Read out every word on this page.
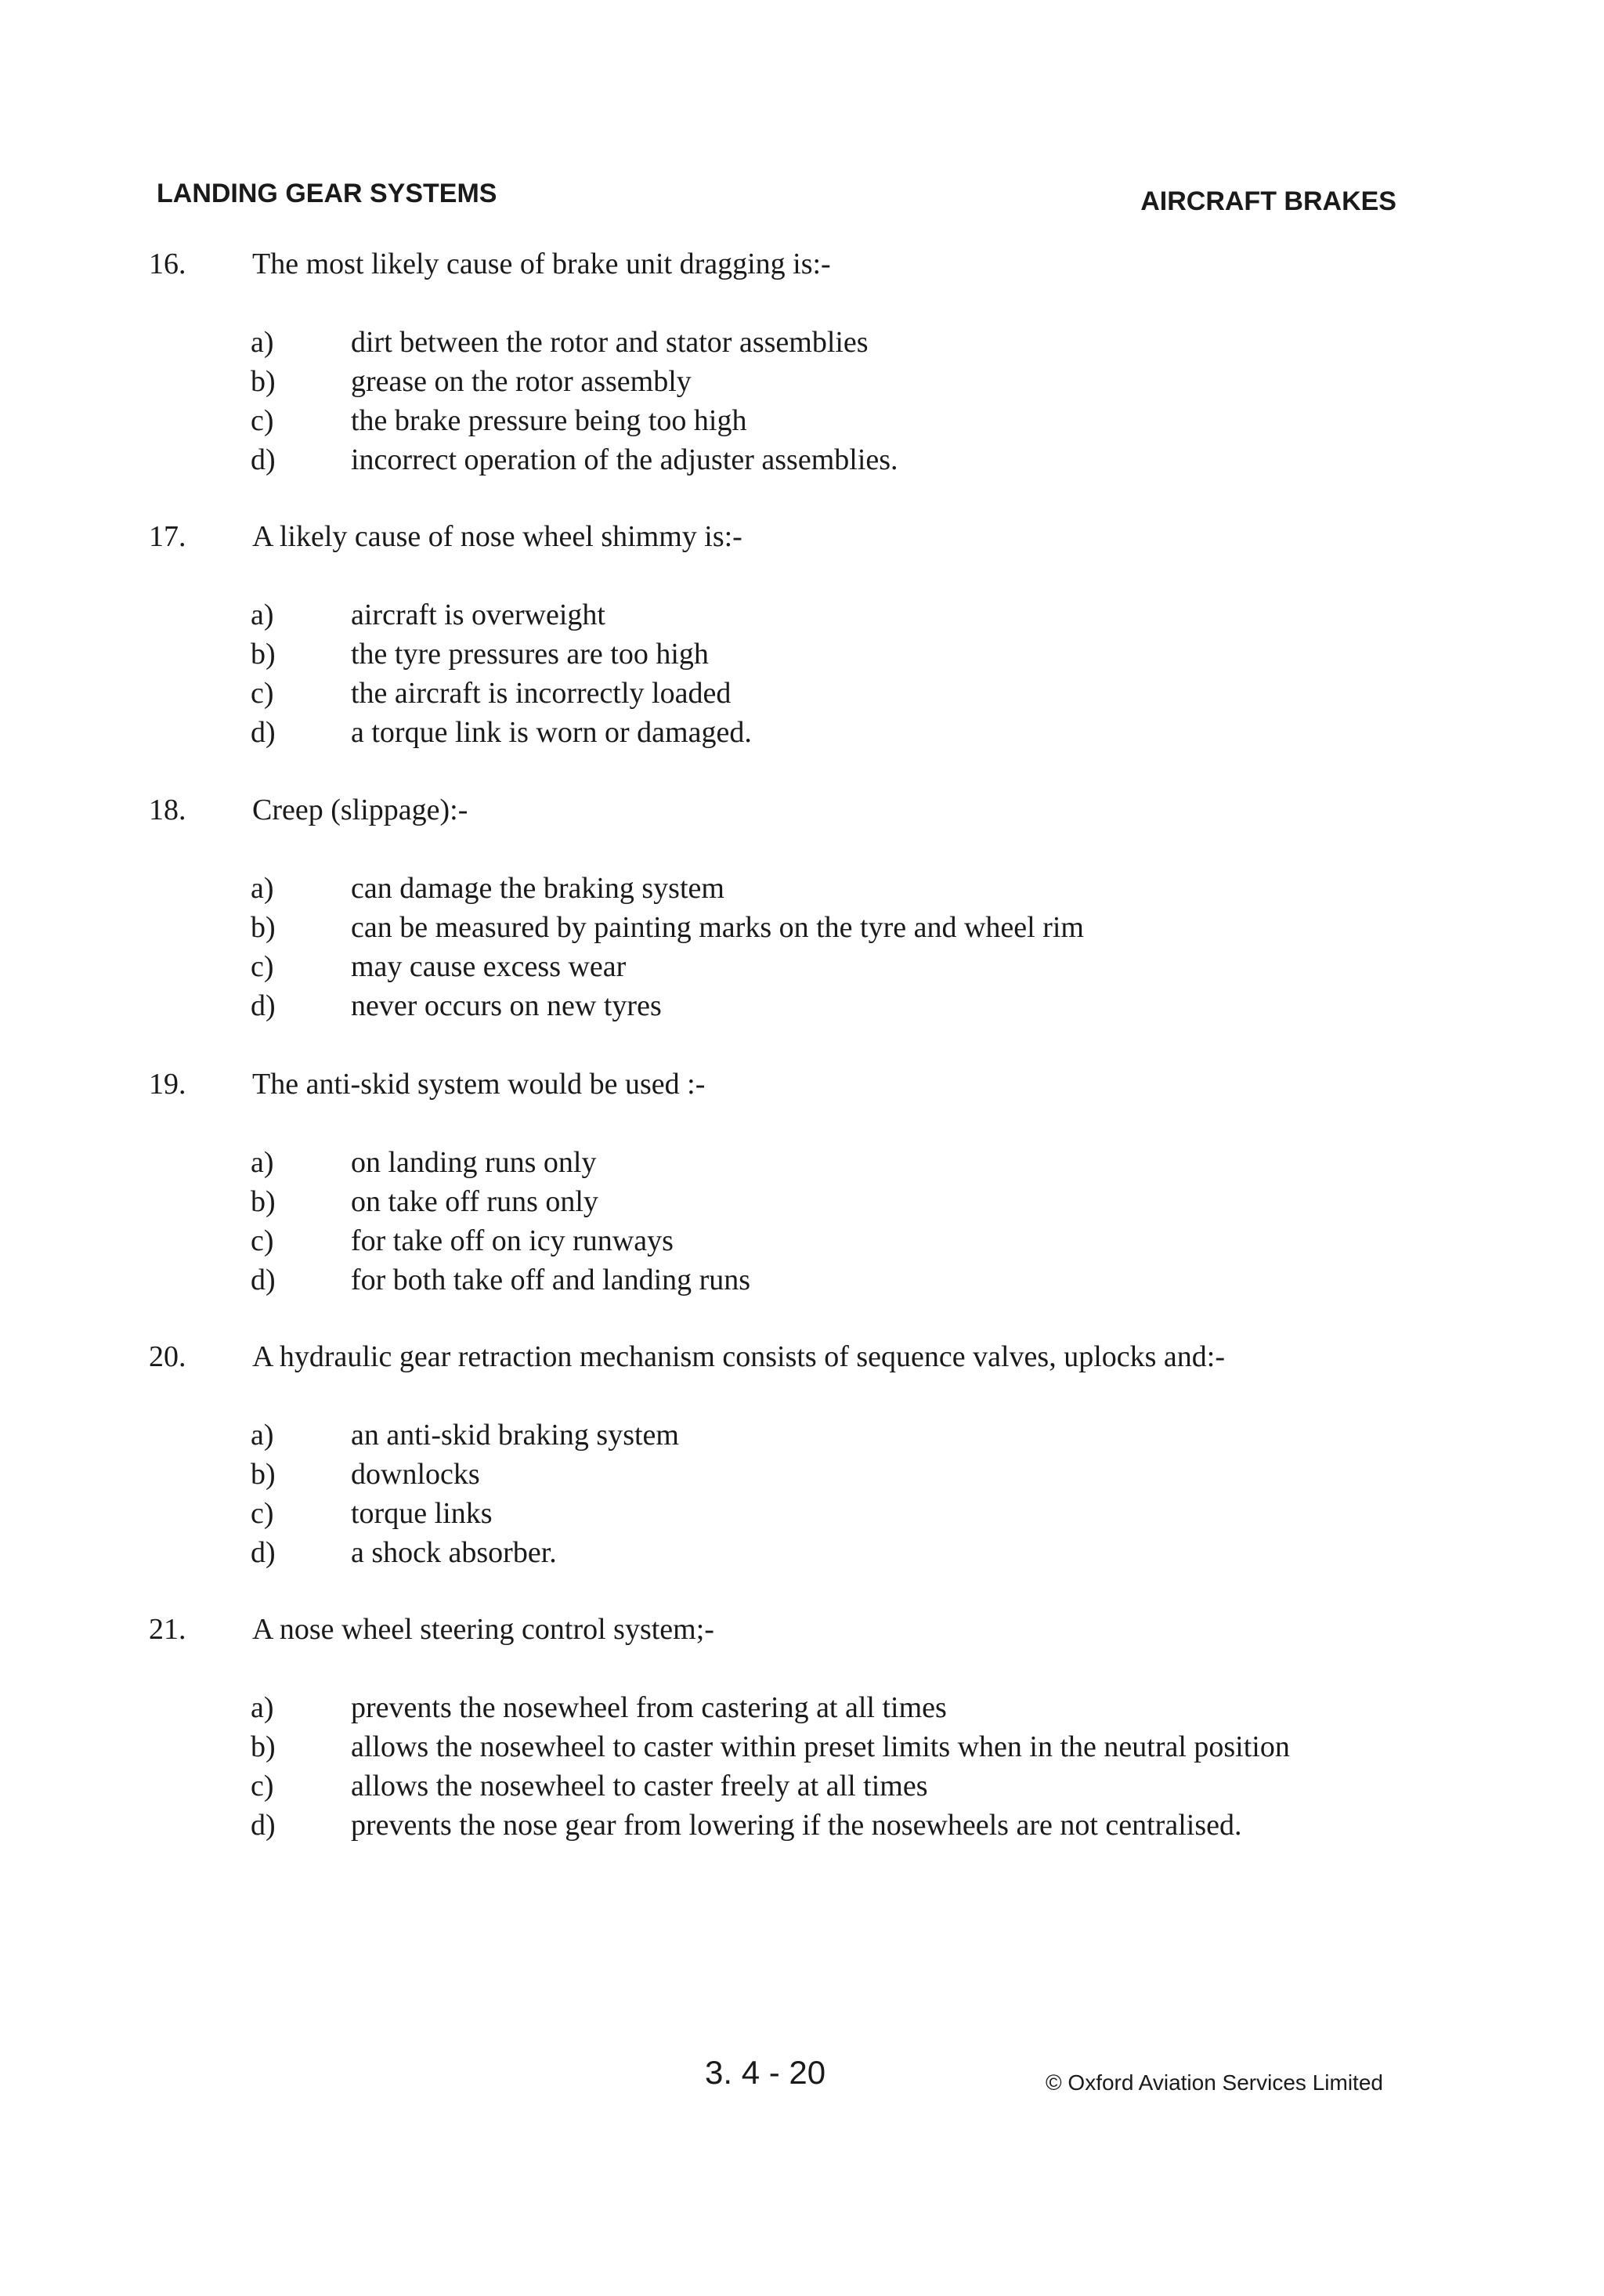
LANDING GEAR SYSTEMS	AIRCRAFT BRAKES
16. The most likely cause of brake unit dragging is:-
a)	dirt between the rotor and stator assemblies
b)	grease on the rotor assembly
c)	the brake pressure being too high
d)	incorrect operation of the adjuster assemblies.
17. A likely cause of nose wheel shimmy is:-
a)	aircraft is overweight
b)	the tyre pressures are too high
c)	the aircraft is incorrectly loaded
d)	a torque link is worn or damaged.
18. Creep (slippage):-
a)	can damage the braking system
b)	can be measured by painting marks on the tyre and wheel rim
c)	may cause excess wear
d)	never occurs on new tyres
19. The anti-skid system would be used :-
a)	on landing runs only
b)	on take off runs only
c)	for take off on icy runways
d)	for both take off and landing runs
20. A hydraulic gear retraction mechanism consists of sequence valves, uplocks and:-
a)	an anti-skid braking system
b)	downlocks
c)	torque links
d)	a shock absorber.
21. A nose wheel steering control system;-
a)	prevents the nosewheel from castering at all times
b)	allows the nosewheel to caster within preset limits when in the neutral position
c)	allows the nosewheel to caster freely at all times
d)	prevents the nose gear from lowering if the nosewheels are not centralised.
3. 4 - 20	© Oxford Aviation Services Limited
